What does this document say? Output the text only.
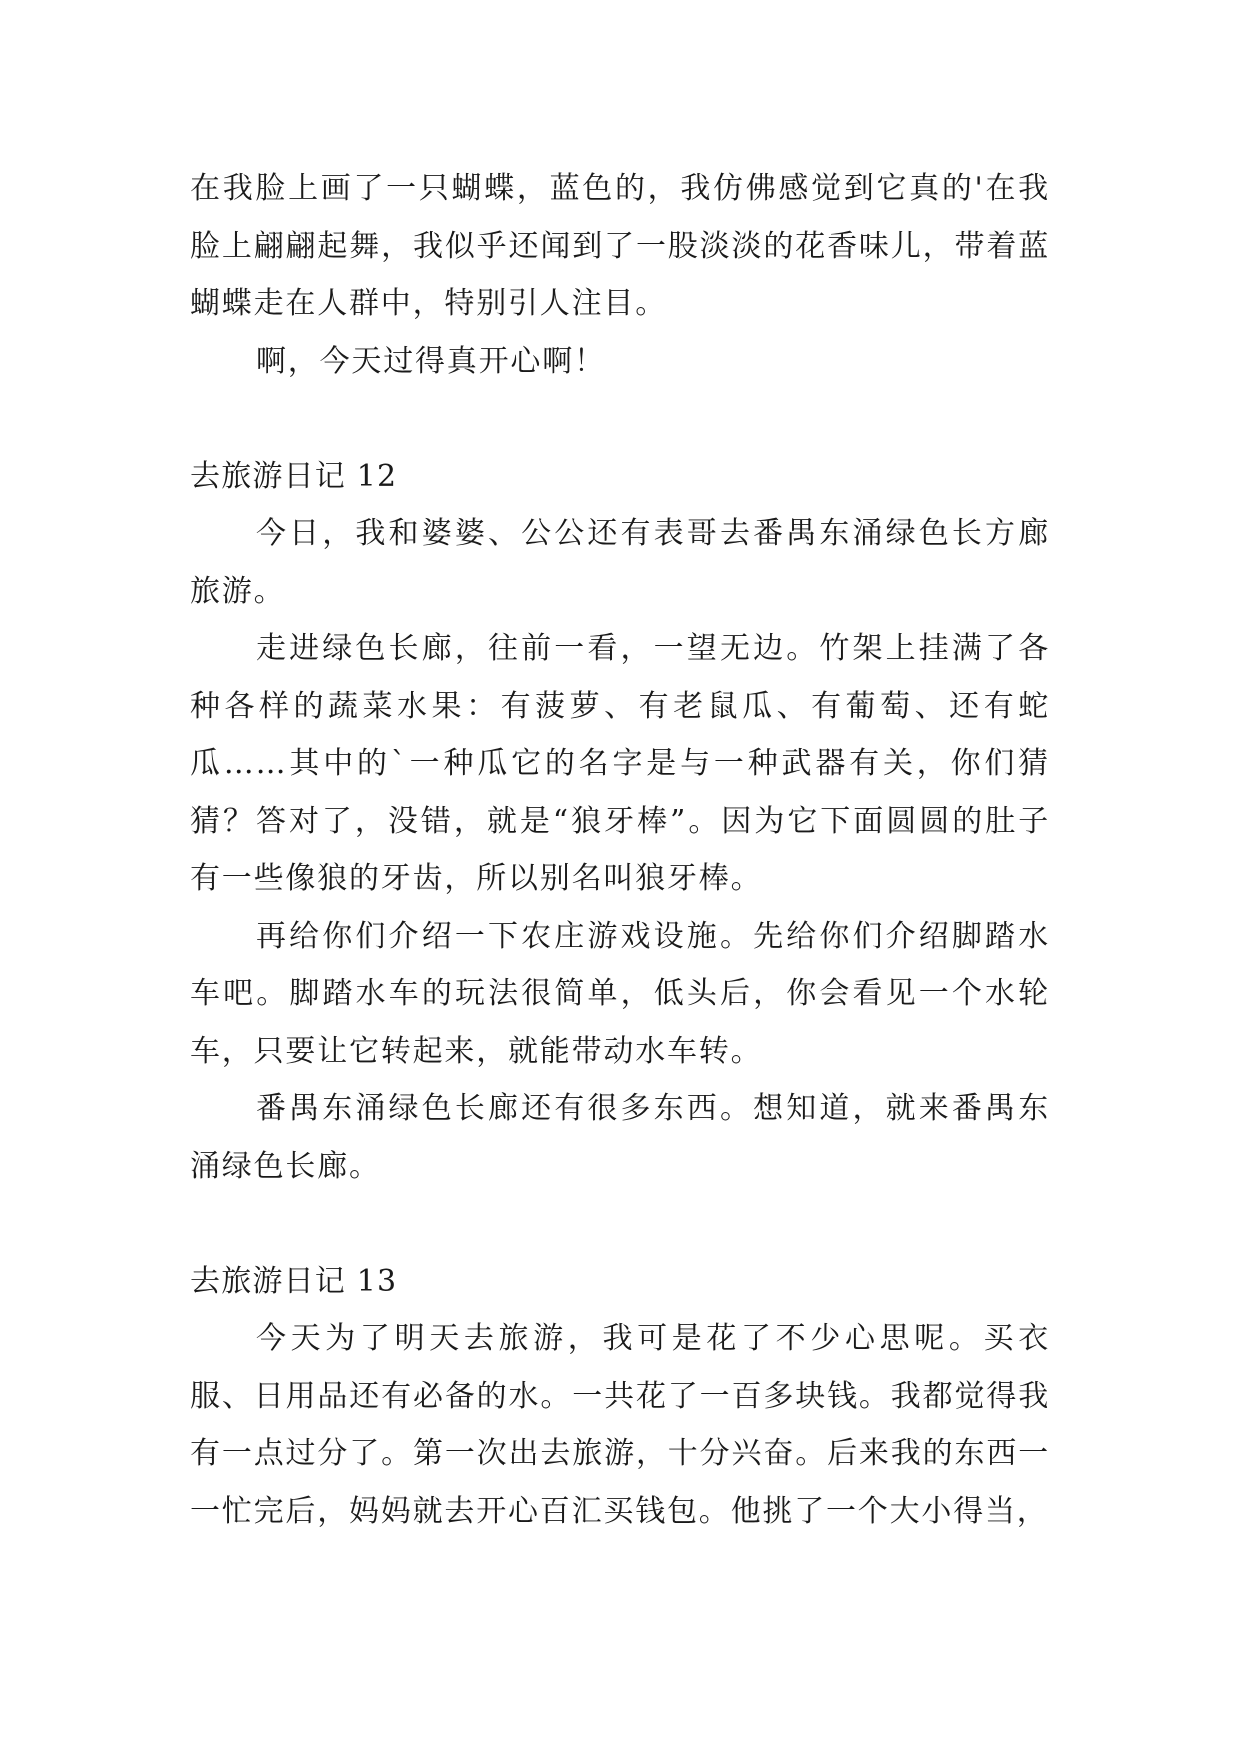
在我脸上画了一只蝴蝶，蓝色的，我仿佛感觉到它真的'在我脸上翩翩起舞，我似乎还闻到了一股淡淡的花香味儿，带着蓝蝴蝶走在人群中，特别引人注目。

啊，今天过得真开心啊！

去旅游日记 12

今日，我和婆婆、公公还有表哥去番禺东涌绿色长方廊旅游。

走进绿色长廊，往前一看，一望无边。竹架上挂满了各种各样的蔬菜水果：有菠萝、有老鼠瓜、有葡萄、还有蛇瓜……其中的`一种瓜它的名字是与一种武器有关，你们猜猜？答对了，没错，就是“狼牙棒”。因为它下面圆圆的肚子有一些像狼的牙齿，所以别名叫狼牙棒。

再给你们介绍一下农庄游戏设施。先给你们介绍脚踏水车吧。脚踏水车的玩法很简单，低头后，你会看见一个水轮车，只要让它转起来，就能带动水车转。

番禺东涌绿色长廊还有很多东西。想知道，就来番禺东涌绿色长廊。

去旅游日记 13

今天为了明天去旅游，我可是花了不少心思呢。买衣服、日用品还有必备的水。一共花了一百多块钱。我都觉得我有一点过分了。第一次出去旅游，十分兴奋。后来我的东西一一忙完后，妈妈就去开心百汇买钱包。他挑了一个大小得当，
